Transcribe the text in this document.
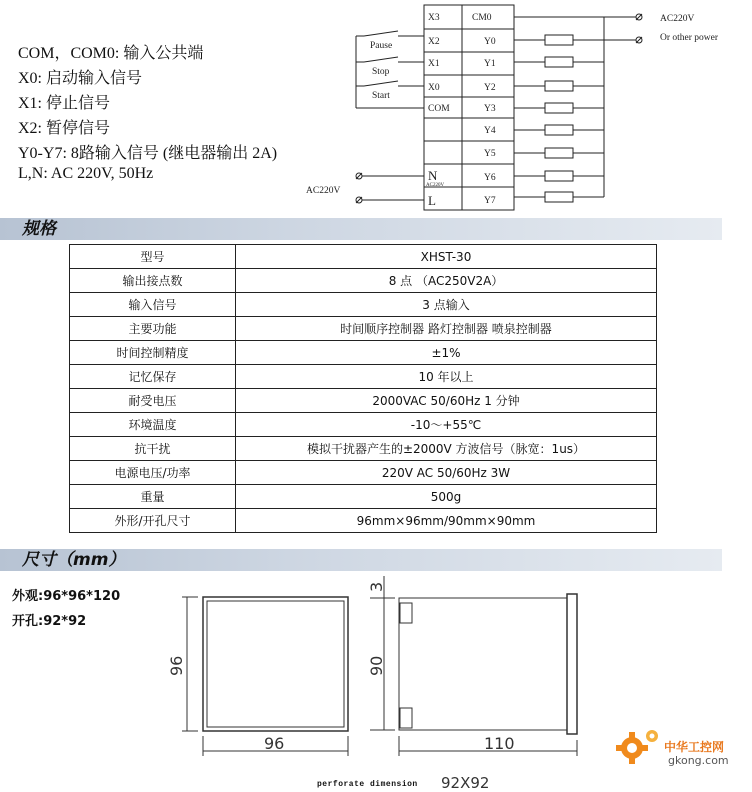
COM，COM0: 输入公共端
X0: 启动输入信号
X1: 停止信号
X2: 暂停信号
Y0-Y7: 8路输入信号 (继电器输出 2A)
L,N: AC 220V, 50Hz
X3
X2
X1
X0
COM
N
AC220V
L
CM0
Y0
Y1
Y2
Y3
Y4
Y5
Y6
Y7
Pause
Stop
Start
AC220V
Or other power
AC220V
规格
型号	XHST-30
输出接点数	8 点 （AC250V2A）
输入信号	3 点输入
主要功能	时间顺序控制器 路灯控制器 喷泉控制器
时间控制精度	±1%
记忆保存	10 年以上
耐受电压	2000VAC 50/60Hz 1 分钟
环境温度	-10～+55℃
抗干扰	模拟干扰器产生的±2000V 方波信号（脉宽：1us）
电源电压/功率	220V AC 50/60Hz 3W
重量	500g
外形/开孔尺寸	96mm×96mm/90mm×90mm
尺寸（mm）
外观:96*96*120
开孔:92*92
96
96
3
90
110
perforate dimension 92X92
中华工控网
gkong.com
